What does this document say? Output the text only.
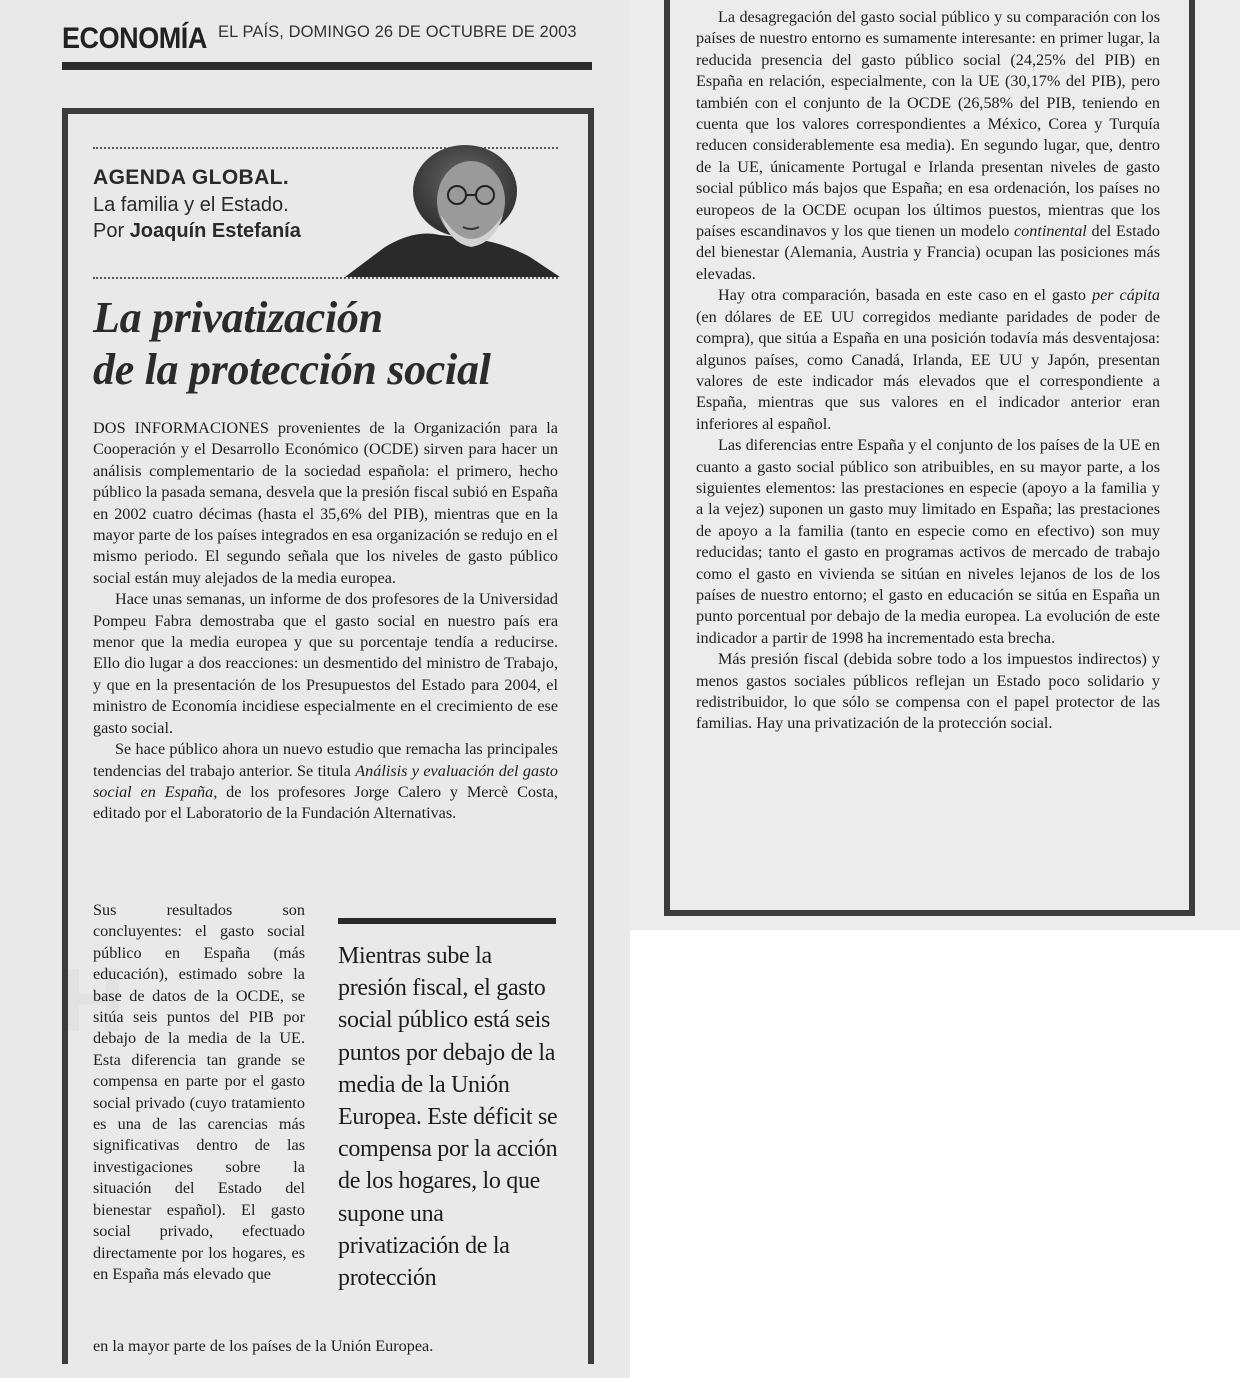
H
ECONOMÍA EL PAÍS, DOMINGO 26 DE OCTUBRE DE 2003
AGENDA GLOBAL.
La familia y el Estado.
Por Joaquín Estefanía
La privatización
de la protección social

DOS INFORMACIONES provenientes de la Organización para la Cooperación y el Desarrollo Económico (OCDE) sirven para hacer un análisis complementario de la sociedad española: el primero, hecho público la pasada semana, desvela que la presión fiscal subió en España en 2002 cuatro décimas (hasta el 35,6% del PIB), mientras que en la mayor parte de los países integrados en esa organización se redujo en el mismo periodo. El segundo señala que los niveles de gasto público social están muy alejados de la media europea.

Hace unas semanas, un informe de dos profesores de la Universidad Pompeu Fabra demostraba que el gasto social en nuestro país era menor que la media europea y que su porcentaje tendía a reducirse. Ello dio lugar a dos reacciones: un desmentido del ministro de Trabajo, y que en la presentación de los Presupuestos del Estado para 2004, el ministro de Economía incidiese especialmente en el crecimiento de ese gasto social.

Se hace público ahora un nuevo estudio que remacha las principales tendencias del trabajo anterior. Se titula Análisis y evaluación del gasto social en España, de los profesores Jorge Calero y Mercè Costa, editado por el Laboratorio de la Fundación Alternativas.

Sus resultados son concluyentes: el gasto social público en España (más educación), estimado sobre la base de datos de la OCDE, se sitúa seis puntos del PIB por debajo de la media de la UE. Esta diferencia tan grande se compensa en parte por el gasto social privado (cuyo tratamiento es una de las carencias más significativas dentro de las investigaciones sobre la situación del Estado del bienestar español). El gasto social privado, efectuado directamente por los hogares, es en España más elevado que

en la mayor parte de los países de la Unión Europea.

Mientras sube la presión fiscal, el gasto social público está seis puntos por debajo de la media de la Unión Europea. Este déficit se compensa por la acción de los hogares, lo que supone una privatización de la protección

La desagregación del gasto social público y su comparación con los países de nuestro entorno es sumamente interesante: en primer lugar, la reducida presencia del gasto público social (24,25% del PIB) en España en relación, especialmente, con la UE (30,17% del PIB), pero también con el conjunto de la OCDE (26,58% del PIB, teniendo en cuenta que los valores correspondientes a México, Corea y Turquía reducen considerablemente esa media). En segundo lugar, que, dentro de la UE, únicamente Portugal e Irlanda presentan niveles de gasto social público más bajos que España; en esa ordenación, los países no europeos de la OCDE ocupan los últimos puestos, mientras que los países escandinavos y los que tienen un modelo continental del Estado del bienestar (Alemania, Austria y Francia) ocupan las posiciones más elevadas.

Hay otra comparación, basada en este caso en el gasto per cápita (en dólares de EE UU corregidos mediante paridades de poder de compra), que sitúa a España en una posición todavía más desventajosa: algunos países, como Canadá, Irlanda, EE UU y Japón, presentan valores de este indicador más elevados que el correspondiente a España, mientras que sus valores en el indicador anterior eran inferiores al español.

Las diferencias entre España y el conjunto de los países de la UE en cuanto a gasto social público son atribuibles, en su mayor parte, a los siguientes elementos: las prestaciones en especie (apoyo a la familia y a la vejez) suponen un gasto muy limitado en España; las prestaciones de apoyo a la familia (tanto en especie como en efectivo) son muy reducidas; tanto el gasto en programas activos de mercado de trabajo como el gasto en vivienda se sitúan en niveles lejanos de los de los países de nuestro entorno; el gasto en educación se sitúa en España un punto porcentual por debajo de la media europea. La evolución de este indicador a partir de 1998 ha incrementado esta brecha.

Más presión fiscal (debida sobre todo a los impuestos indirectos) y menos gastos sociales públicos reflejan un Estado poco solidario y redistribuidor, lo que sólo se compensa con el papel protector de las familias. Hay una privatización de la protección social.
